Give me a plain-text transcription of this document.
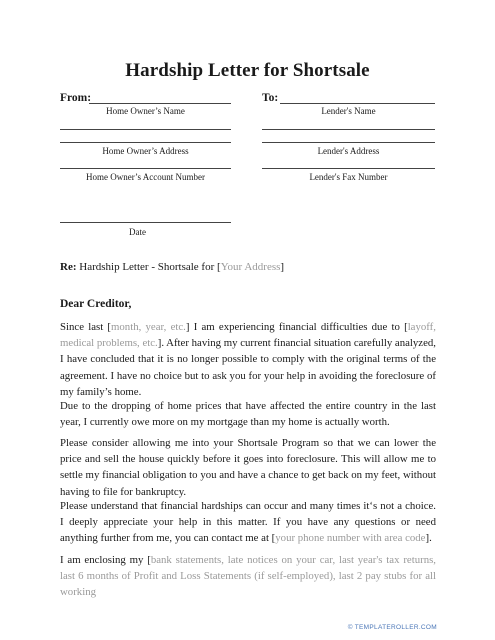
Hardship Letter for Shortsale
From:
Home Owner’s Name
To:
Lender's Name
Home Owner’s Address	Lender's Address
Home Owner’s Account Number	Lender's Fax Number
Date
Re: Hardship Letter - Shortsale for [Your Address]
Dear Creditor,

Since last [month, year, etc.] I am experiencing financial difficulties due to [layoff, medical problems, etc.]. After having my current financial situation carefully analyzed, I have concluded that it is no longer possible to comply with the original terms of the agreement. I have no choice but to ask you for your help in avoiding the foreclosure of my family’s home.

Due to the dropping of home prices that have affected the entire country in the last year, I currently owe more on my mortgage than my home is actually worth.

Please consider allowing me into your Shortsale Program so that we can lower the price and sell the house quickly before it goes into foreclosure. This will allow me to settle my financial obligation to you and have a chance to get back on my feet, without having to file for bankruptcy.

Please understand that financial hardships can occur and many times it‘s not a choice. I deeply appreciate your help in this matter. If you have any questions or need anything further from me, you can contact me at [your phone number with area code].

I am enclosing my [bank statements, late notices on your car, last year's tax returns, last 6 months of Profit and Loss Statements (if self-employed), last 2 pay stubs for all working

© TEMPLATEROLLER.COM
